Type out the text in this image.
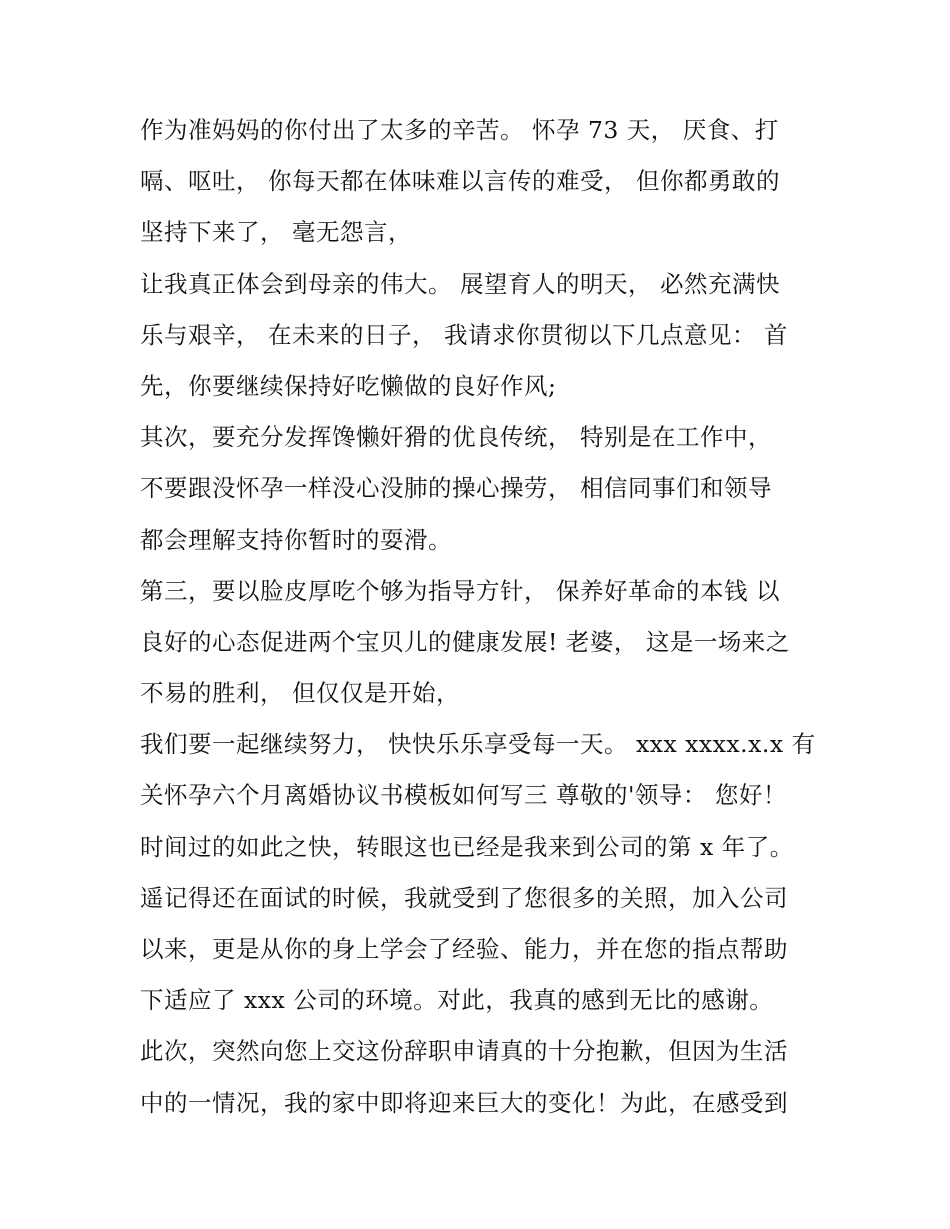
作为准妈妈的你付出了太多的辛苦。 怀孕 73 天， 厌食、打
嗝、呕吐， 你每天都在体味难以言传的难受， 但你都勇敢的
坚持下来了， 毫无怨言，
让我真正体会到母亲的伟大。 展望育人的明天， 必然充满快
乐与艰辛， 在未来的日子， 我请求你贯彻以下几点意见： 首
先，你要继续保持好吃懒做的良好作风;
其次，要充分发挥馋懒奸猾的优良传统， 特别是在工作中，
不要跟没怀孕一样没心没肺的操心操劳， 相信同事们和领导
都会理解支持你暂时的耍滑。
第三，要以脸皮厚吃个够为指导方针， 保养好革命的本钱 以
良好的心态促进两个宝贝儿的健康发展! 老婆， 这是一场来之
不易的胜利， 但仅仅是开始，
我们要一起继续努力， 快快乐乐享受每一天。 xxx xxxx.x.x 有
关怀孕六个月离婚协议书模板如何写三 尊敬的'领导： 您好！
时间过的如此之快，转眼这也已经是我来到公司的第 x 年了。
遥记得还在面试的时候，我就受到了您很多的关照，加入公司
以来，更是从你的身上学会了经验、能力，并在您的指点帮助
下适应了 xxx 公司的环境。对此，我真的感到无比的感谢。
此次，突然向您上交这份辞职申请真的十分抱歉，但因为生活
中的一情况，我的家中即将迎来巨大的变化！为此，在感受到
